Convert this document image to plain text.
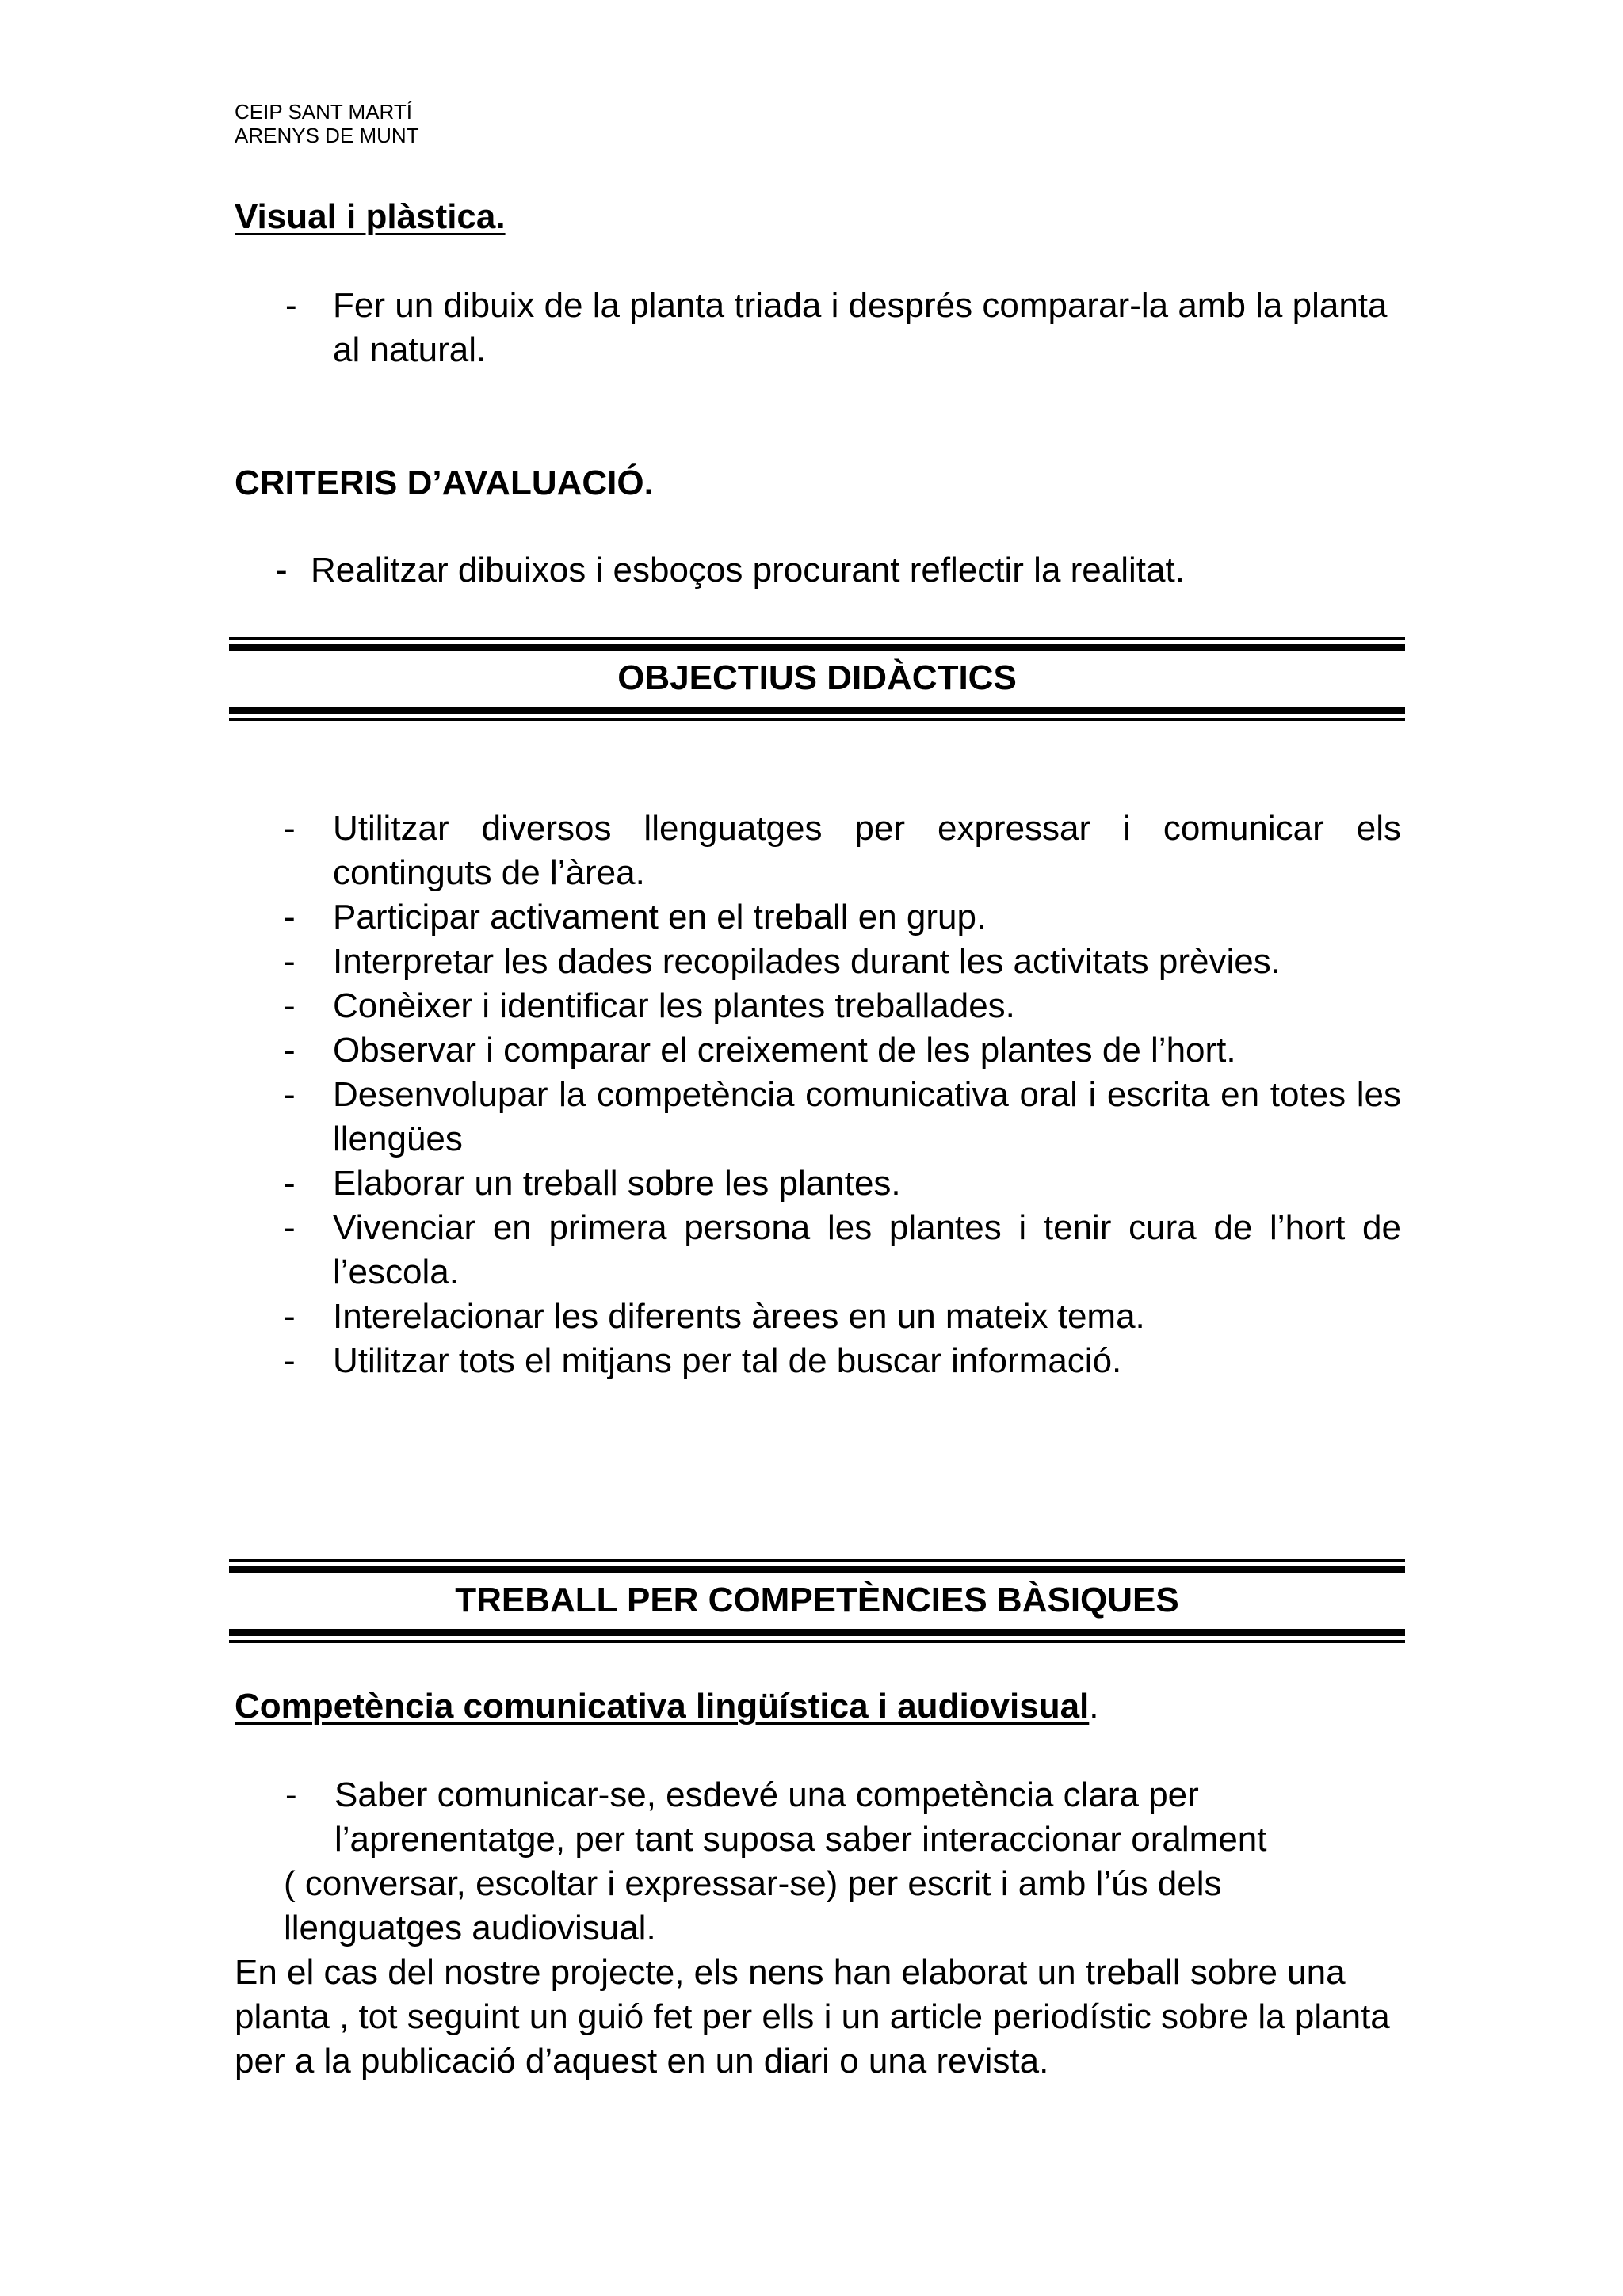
CEIP SANT MARTÍ
ARENYS DE MUNT
Visual i plàstica.
- Fer un dibuix de la planta triada i després comparar-la amb la planta al natural.
CRITERIS D’AVALUACIÓ.
- Realitzar dibuixos i esboços procurant reflectir la realitat.
OBJECTIUS DIDÀCTICS
- Utilitzar diversos llenguatges per expressar i comunicar els continguts de l’àrea.
- Participar activament en el treball en grup.
- Interpretar les dades recopilades durant les activitats prèvies.
- Conèixer i identificar les plantes treballades.
- Observar i comparar el creixement de les plantes de l’hort.
- Desenvolupar la competència comunicativa oral i escrita en totes les llengües
- Elaborar un treball sobre les plantes.
- Vivenciar en primera persona les plantes i tenir cura de l’hort de l’escola.
- Interelacionar les diferents àrees en un mateix tema.
- Utilitzar tots el mitjans per tal de buscar informació.
TREBALL PER COMPETÈNCIES BÀSIQUES
Competència comunicativa lingüística i audiovisual.
- Saber comunicar-se, esdevé una competència clara per
l’aprenentatge, per tant suposa saber interaccionar oralment
( conversar, escoltar i expressar-se) per escrit i amb l’ús dels
llenguatges audiovisual.

En el cas del nostre projecte, els nens han elaborat un treball sobre una planta , tot seguint un guió fet per ells i un article periodístic sobre la planta per a la publicació d’aquest en un diari o una revista.
